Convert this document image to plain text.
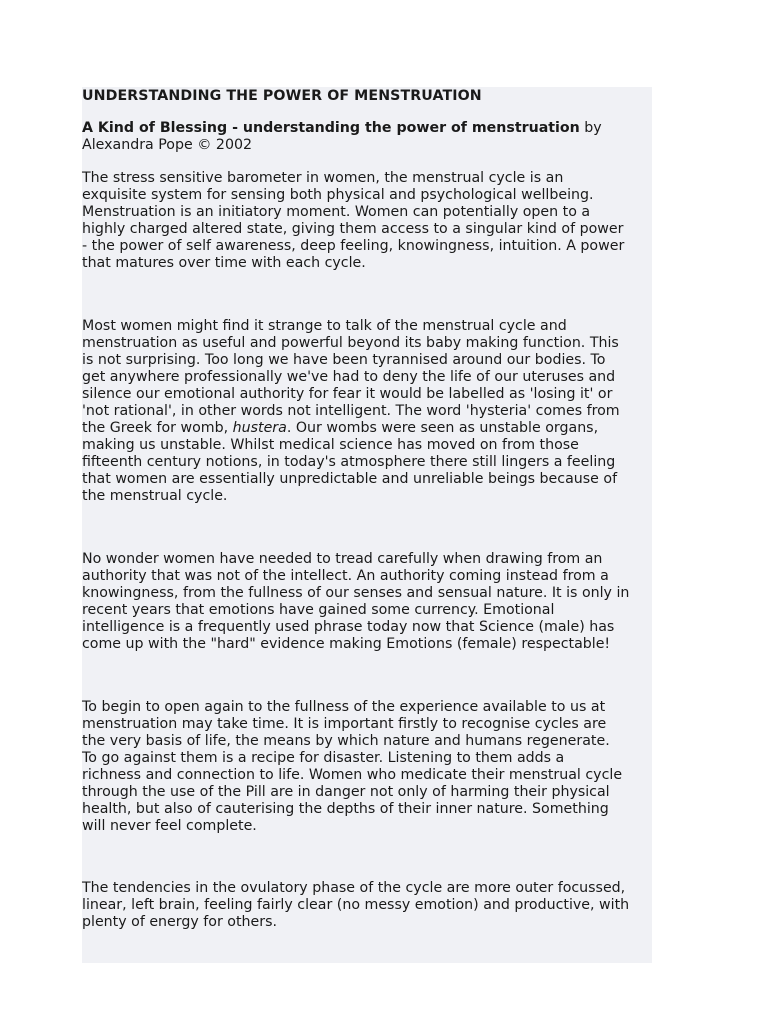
UNDERSTANDING THE POWER OF MENSTRUATION

A Kind of Blessing - understanding the power of menstruation by
Alexandra Pope © 2002

The stress sensitive barometer in women, the menstrual cycle is an
exquisite system for sensing both physical and psychological wellbeing.
Menstruation is an initiatory moment. Women can potentially open to a
highly charged altered state, giving them access to a singular kind of power
- the power of self awareness, deep feeling, knowingness, intuition. A power
that matures over time with each cycle.

Most women might find it strange to talk of the menstrual cycle and
menstruation as useful and powerful beyond its baby making function. This
is not surprising. Too long we have been tyrannised around our bodies. To
get anywhere professionally we've had to deny the life of our uteruses and
silence our emotional authority for fear it would be labelled as 'losing it' or
'not rational', in other words not intelligent. The word 'hysteria' comes from
the Greek for womb, hustera. Our wombs were seen as unstable organs,
making us unstable. Whilst medical science has moved on from those
fifteenth century notions, in today's atmosphere there still lingers a feeling
that women are essentially unpredictable and unreliable beings because of
the menstrual cycle.

No wonder women have needed to tread carefully when drawing from an
authority that was not of the intellect. An authority coming instead from a
knowingness, from the fullness of our senses and sensual nature. It is only in
recent years that emotions have gained some currency. Emotional
intelligence is a frequently used phrase today now that Science (male) has
come up with the "hard" evidence making Emotions (female) respectable!

To begin to open again to the fullness of the experience available to us at
menstruation may take time. It is important firstly to recognise cycles are
the very basis of life, the means by which nature and humans regenerate.
To go against them is a recipe for disaster. Listening to them adds a
richness and connection to life. Women who medicate their menstrual cycle
through the use of the Pill are in danger not only of harming their physical
health, but also of cauterising the depths of their inner nature. Something
will never feel complete.

The tendencies in the ovulatory phase of the cycle are more outer focussed,
linear, left brain, feeling fairly clear (no messy emotion) and productive, with
plenty of energy for others.
